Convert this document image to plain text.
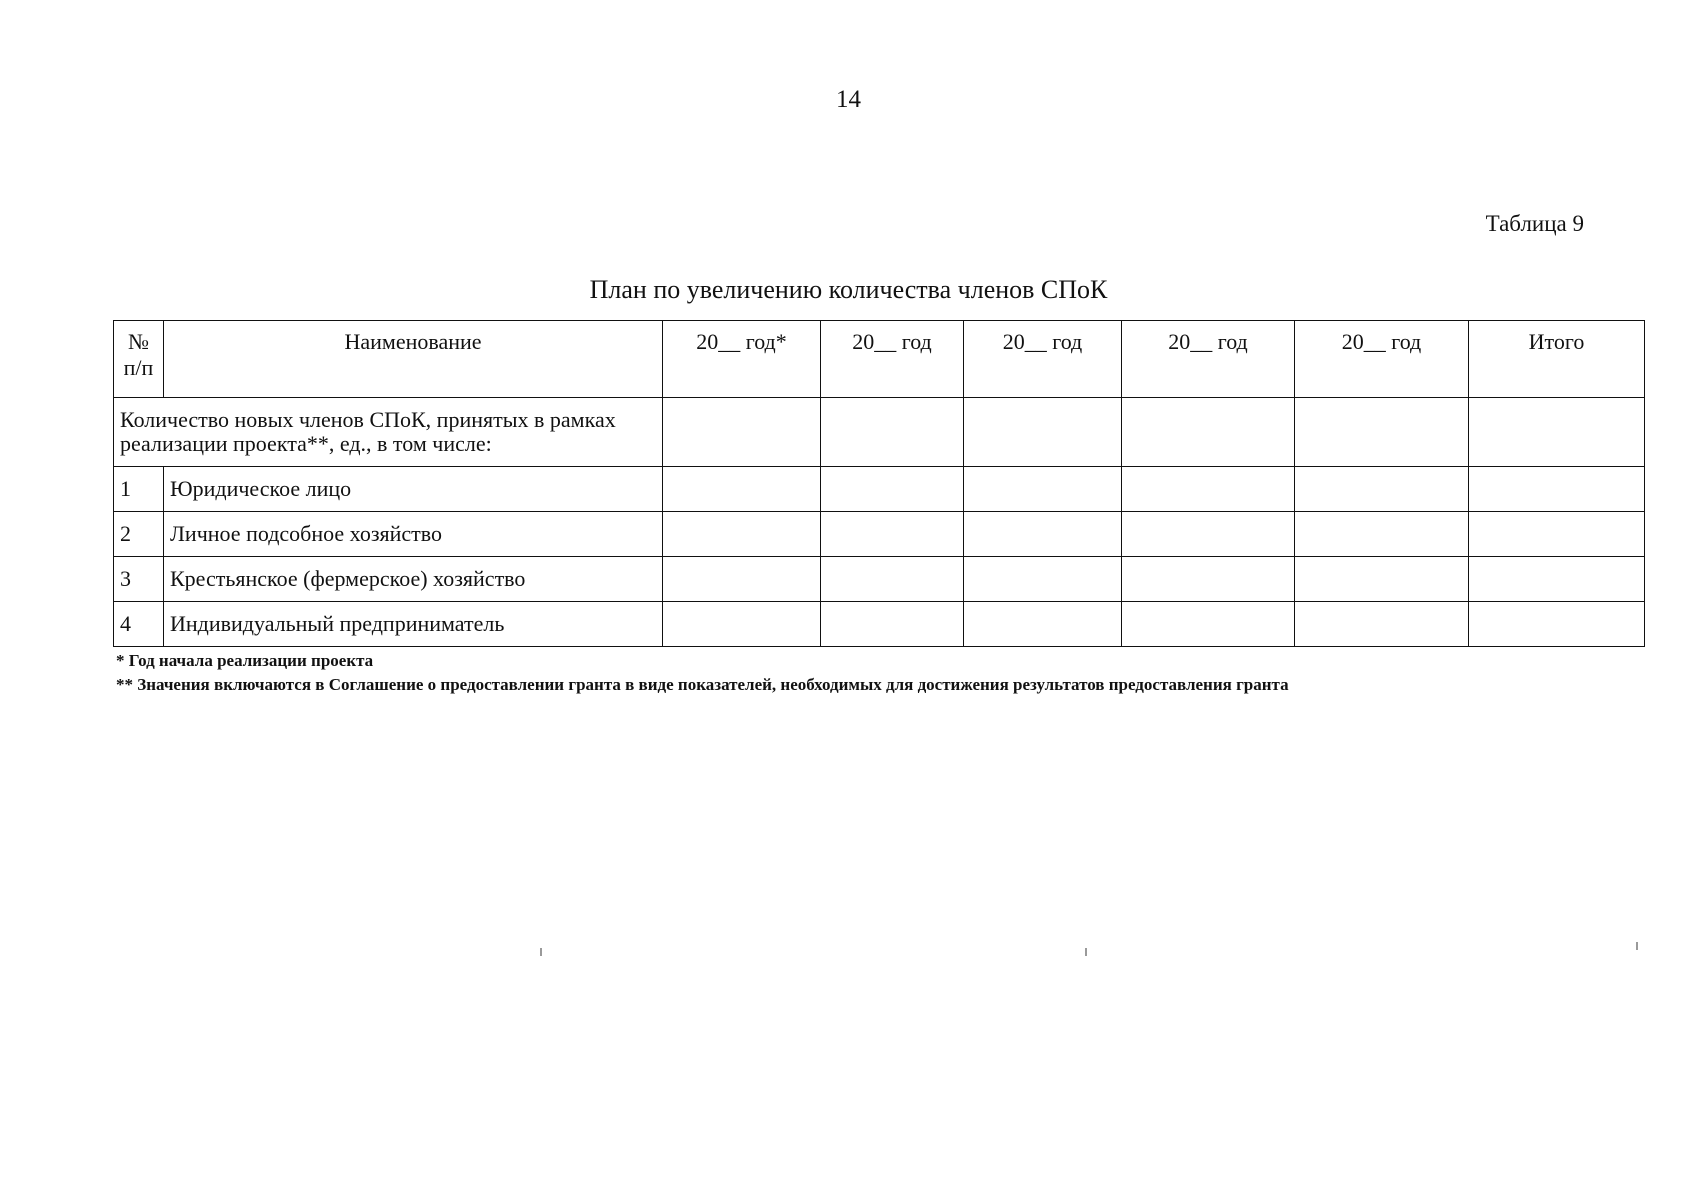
14
Таблица 9
План по увеличению количества членов СПоК
№ п/п	Наименование	20__ год*	20__ год	20__ год	20__ год	20__ год	Итого
Количество новых членов СПоК, принятых в рамках реализации проекта**, ед., в том числе:							
1	Юридическое лицо						
2	Личное подсобное хозяйство						
3	Крестьянское (фермерское) хозяйство						
4	Индивидуальный предприниматель						
* Год начала реализации проекта
** Значения включаются в Соглашение о предоставлении гранта в виде показателей, необходимых для достижения результатов предоставления гранта
